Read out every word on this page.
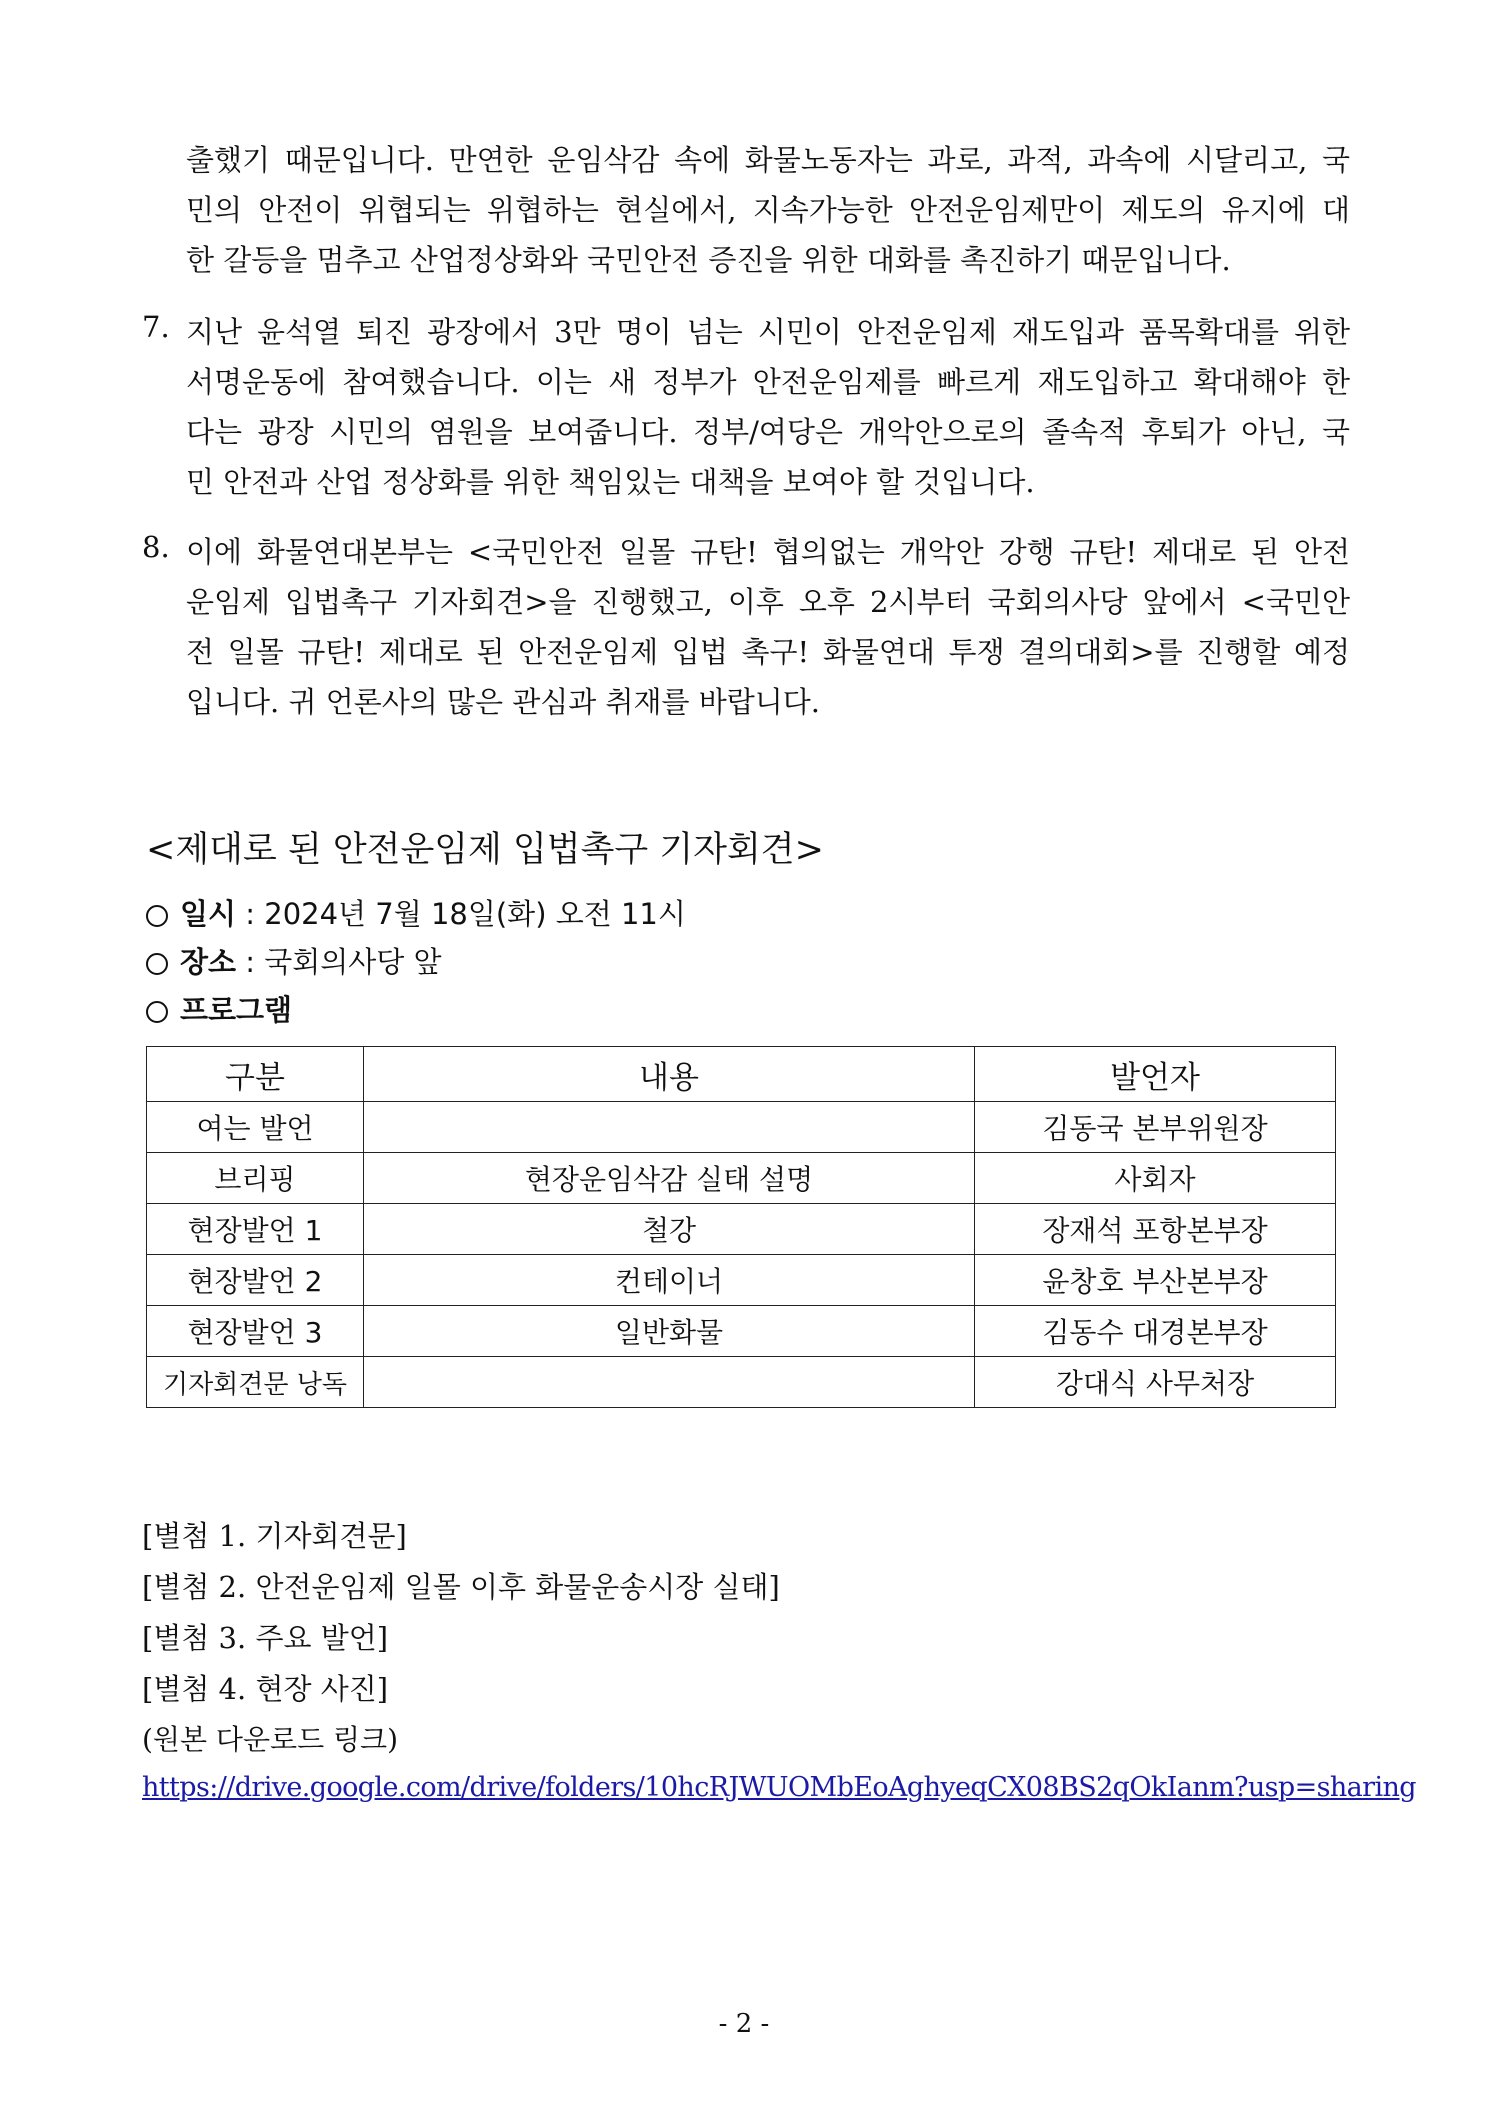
출했기 때문입니다. 만연한 운임삭감 속에 화물노동자는 과로, 과적, 과속에 시달리고, 국
민의 안전이 위협되는 위협하는 현실에서, 지속가능한 안전운임제만이 제도의 유지에 대
한 갈등을 멈추고 산업정상화와 국민안전 증진을 위한 대화를 촉진하기 때문입니다.
7. 지난 윤석열 퇴진 광장에서 3만 명이 넘는 시민이 안전운임제 재도입과 품목확대를 위한
서명운동에 참여했습니다. 이는 새 정부가 안전운임제를 빠르게 재도입하고 확대해야 한
다는 광장 시민의 염원을 보여줍니다. 정부/여당은 개악안으로의 졸속적 후퇴가 아닌, 국
민 안전과 산업 정상화를 위한 책임있는 대책을 보여야 할 것입니다.
8. 이에 화물연대본부는 <국민안전 일몰 규탄! 협의없는 개악안 강행 규탄! 제대로 된 안전
운임제 입법촉구 기자회견>을 진행했고, 이후 오후 2시부터 국회의사당 앞에서 <국민안
전 일몰 규탄! 제대로 된 안전운임제 입법 촉구! 화물연대 투쟁 결의대회>를 진행할 예정
입니다. 귀 언론사의 많은 관심과 취재를 바랍니다.
<제대로 된 안전운임제 입법촉구 기자회견>
일시 : 2024년 7월 18일(화) 오전 11시
장소 : 국회의사당 앞
프로그램
구분	내용	발언자
여는 발언		김동국 본부위원장
브리핑	현장운임삭감 실태 설명	사회자
현장발언 1	철강	장재석 포항본부장
현장발언 2	컨테이너	윤창호 부산본부장
현장발언 3	일반화물	김동수 대경본부장
기자회견문 낭독		강대식 사무처장
[별첨 1. 기자회견문]
[별첨 2. 안전운임제 일몰 이후 화물운송시장 실태]
[별첨 3. 주요 발언]
[별첨 4. 현장 사진]
(원본 다운로드 링크)
https://drive.google.com/drive/folders/10hcRJWUOMbEoAghyeqCX08BS2qOkIanm?usp=sharing
- 2 -
